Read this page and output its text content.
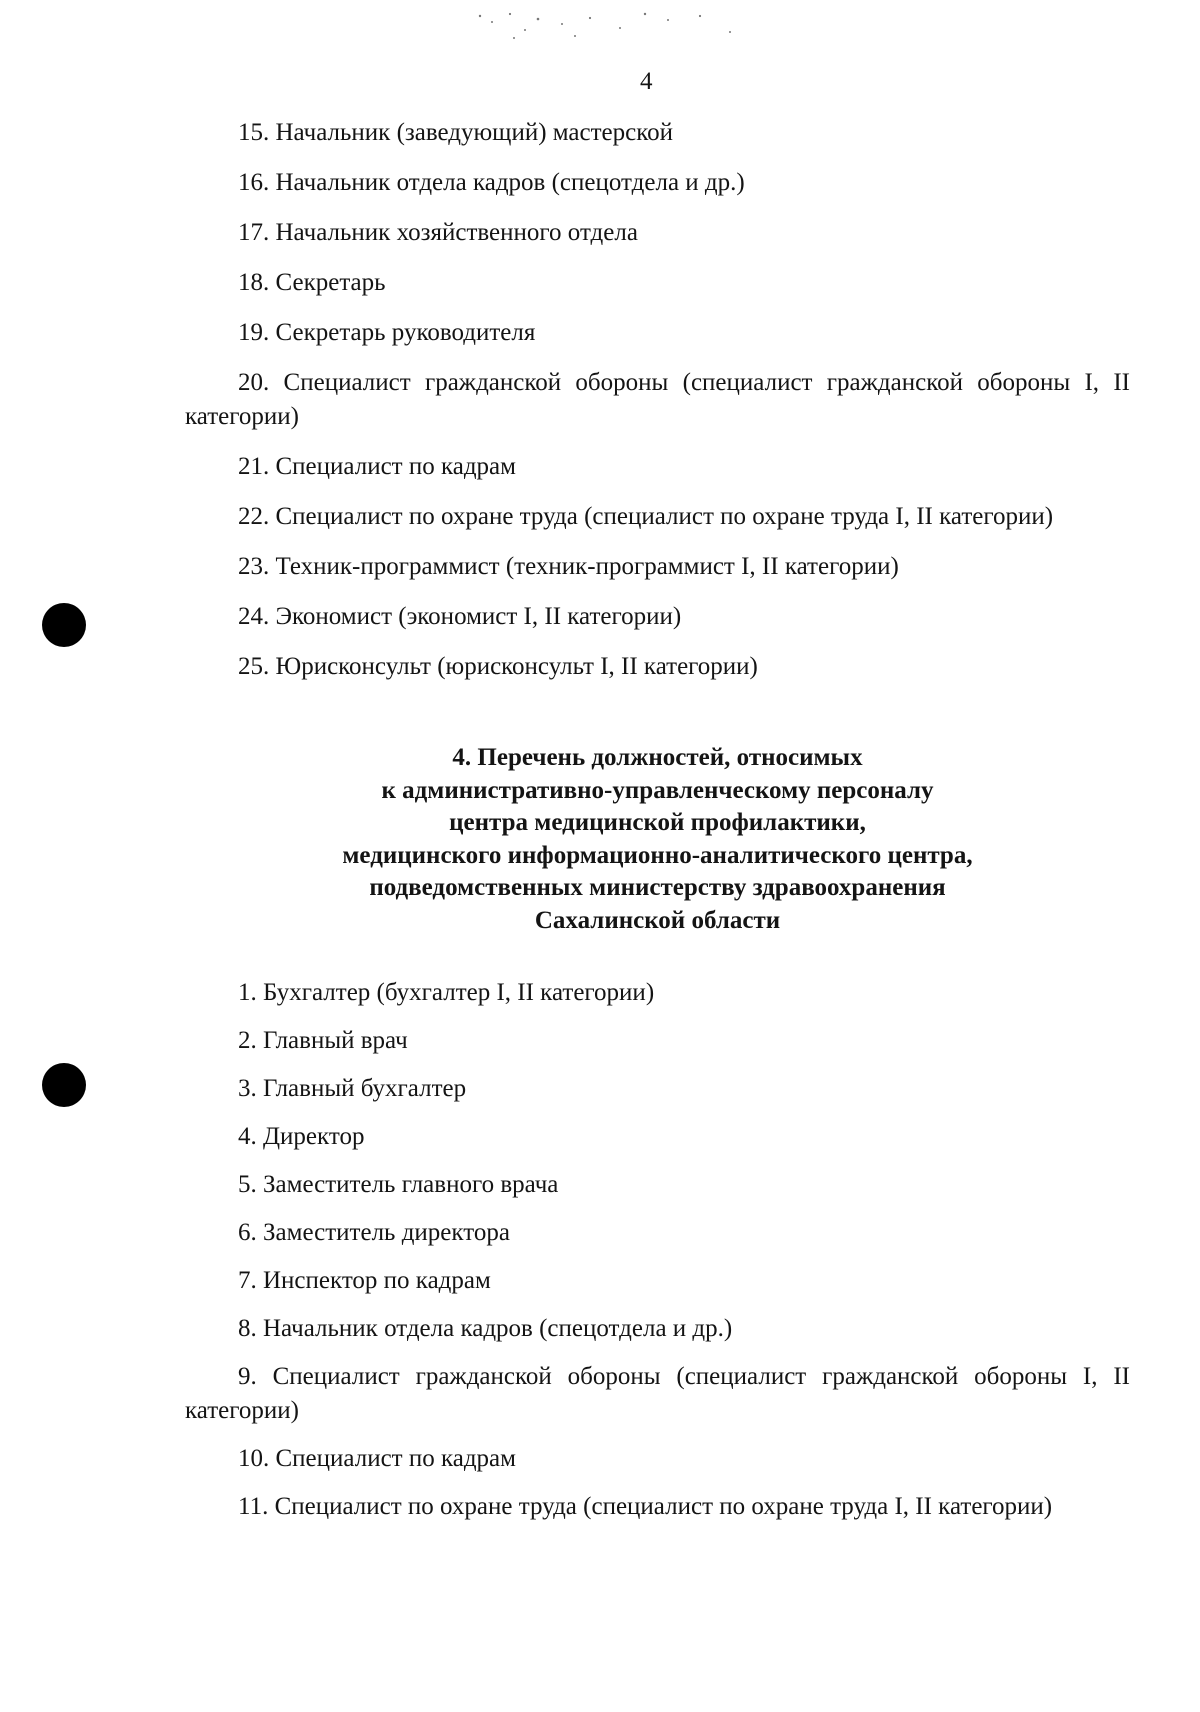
4

15. Начальник (заведующий) мастерской

16. Начальник отдела кадров (спецотдела и др.)

17. Начальник хозяйственного отдела

18. Секретарь

19. Секретарь руководителя

20. Специалист гражданской обороны (специалист гражданской обороны I, II категории)

21. Специалист по кадрам

22. Специалист по охране труда (специалист по охране труда I, II категории)

23. Техник-программист (техник-программист I, II категории)

24. Экономист (экономист I, II категории)

25. Юрисконсульт (юрисконсульт I, II категории)

4. Перечень должностей, относимых
к административно-управленческому персоналу
центра медицинской профилактики,
медицинского информационно-аналитического центра,
подведомственных министерству здравоохранения
Сахалинской области

1. Бухгалтер (бухгалтер I, II категории)

2. Главный врач

3. Главный бухгалтер

4. Директор

5. Заместитель главного врача

6. Заместитель директора

7. Инспектор по кадрам

8. Начальник отдела кадров (спецотдела и др.)

9. Специалист гражданской обороны (специалист гражданской обороны I, II категории)

10. Специалист по кадрам

11. Специалист по охране труда (специалист по охране труда I, II категории)
